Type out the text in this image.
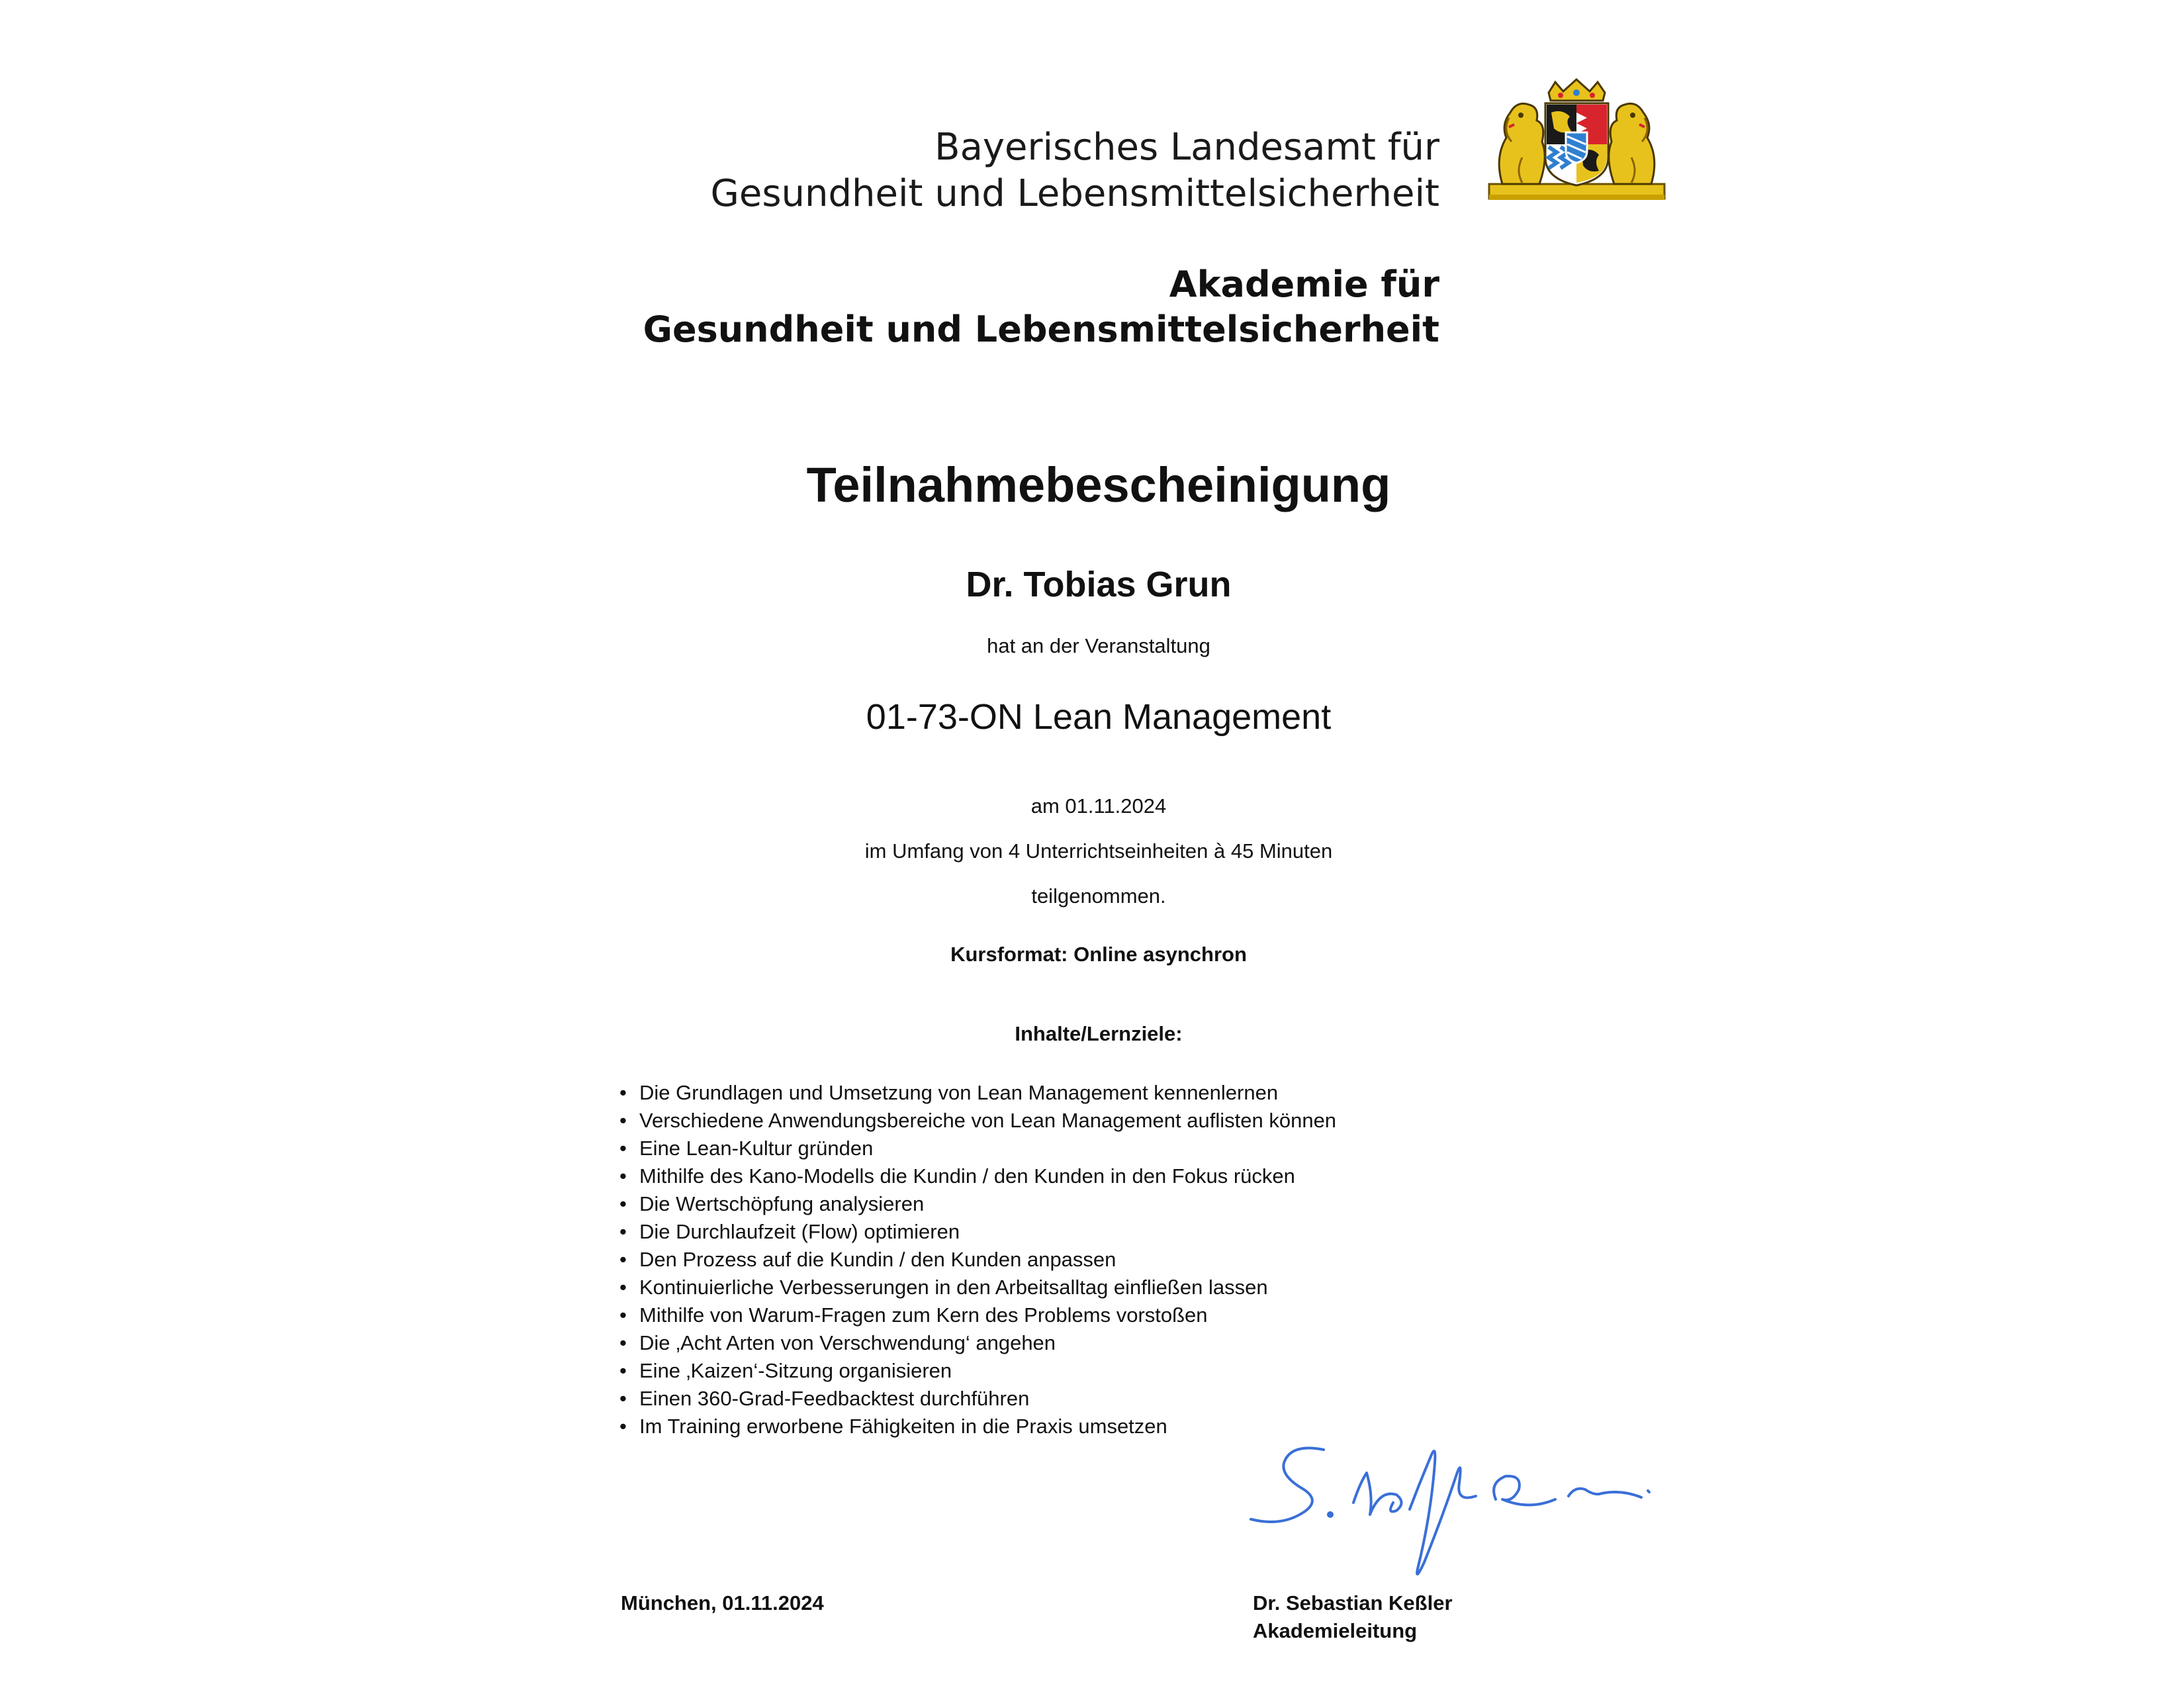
Bayerisches Landesamt für
Gesundheit und Lebensmittelsicherheit
Akademie für
Gesundheit und Lebensmittelsicherheit
Teilnahmebescheinigung
Dr. Tobias Grun
hat an der Veranstaltung
01-73-ON Lean Management
am 01.11.2024
im Umfang von 4 Unterrichtseinheiten à 45 Minuten
teilgenommen.
Kursformat: Online asynchron
Inhalte/Lernziele:
• Die Grundlagen und Umsetzung von Lean Management kennenlernen
• Verschiedene Anwendungsbereiche von Lean Management auflisten können
• Eine Lean-Kultur gründen
• Mithilfe des Kano-Modells die Kundin / den Kunden in den Fokus rücken
• Die Wertschöpfung analysieren
• Die Durchlaufzeit (Flow) optimieren
• Den Prozess auf die Kundin / den Kunden anpassen
• Kontinuierliche Verbesserungen in den Arbeitsalltag einfließen lassen
• Mithilfe von Warum-Fragen zum Kern des Problems vorstoßen
• Die ‚Acht Arten von Verschwendung‘ angehen
• Eine ‚Kaizen‘-Sitzung organisieren
• Einen 360-Grad-Feedbacktest durchführen
• Im Training erworbene Fähigkeiten in die Praxis umsetzen
München, 01.11.2024	Dr. Sebastian Keßler
Akademieleitung
